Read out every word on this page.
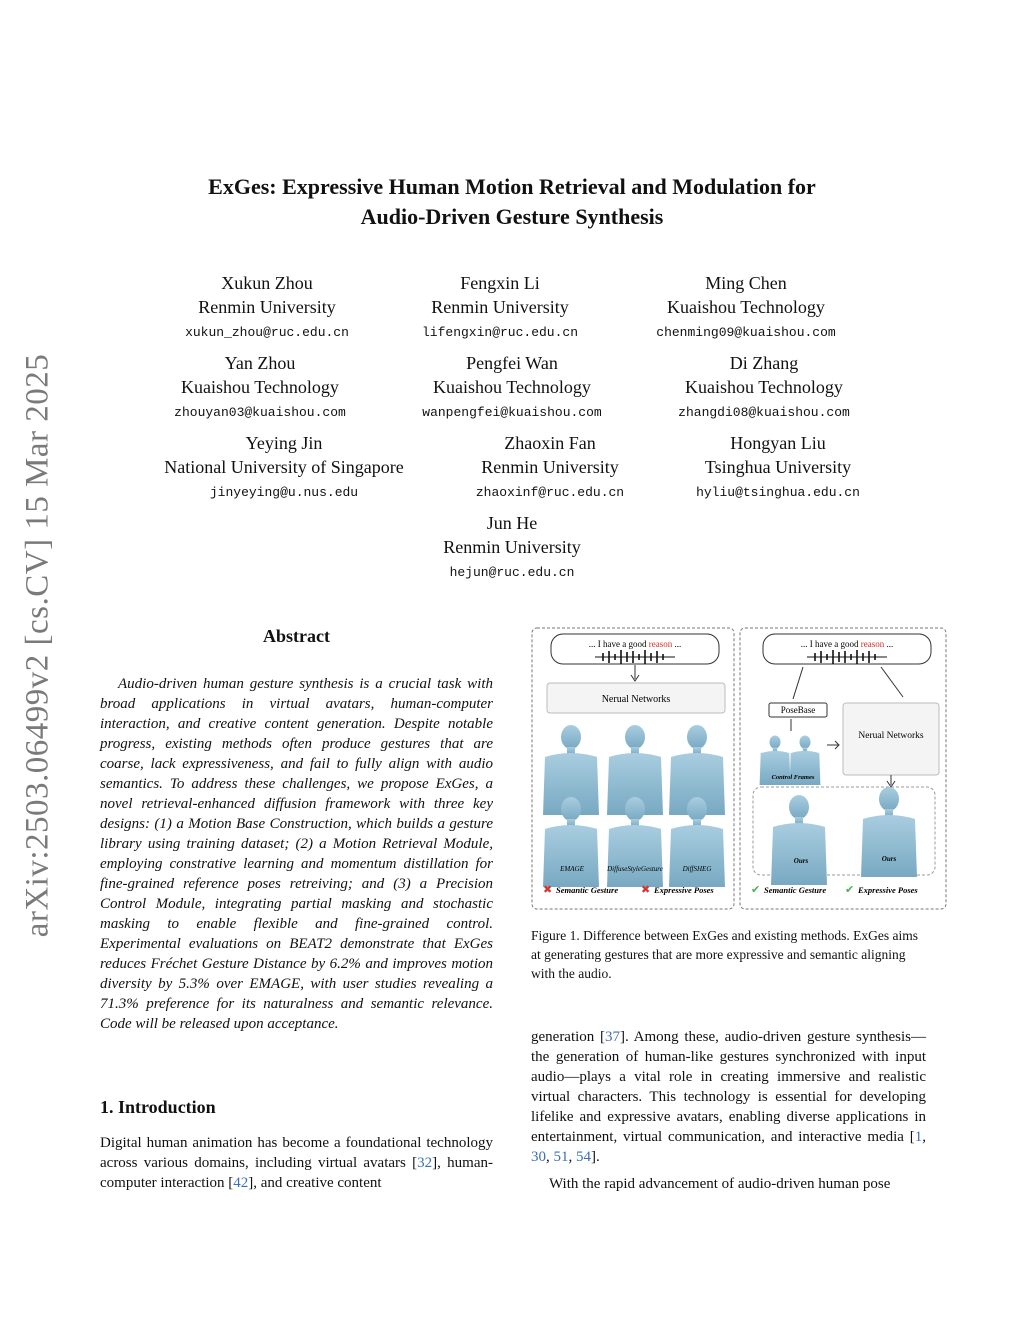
arXiv:2503.06499v2 [cs.CV] 15 Mar 2025
ExGes: Expressive Human Motion Retrieval and Modulation for
Audio-Driven Gesture Synthesis
Xukun Zhou
Renmin University
xukun_zhou@ruc.edu.cn
Fengxin Li
Renmin University
lifengxin@ruc.edu.cn
Ming Chen
Kuaishou Technology
chenming09@kuaishou.com
Yan Zhou
Kuaishou Technology
zhouyan03@kuaishou.com
Pengfei Wan
Kuaishou Technology
wanpengfei@kuaishou.com
Di Zhang
Kuaishou Technology
zhangdi08@kuaishou.com
Yeying Jin
National University of Singapore
jinyeying@u.nus.edu
Zhaoxin Fan
Renmin University
zhaoxinf@ruc.edu.cn
Hongyan Liu
Tsinghua University
hyliu@tsinghua.edu.cn
Jun He
Renmin University
hejun@ruc.edu.cn
Abstract
Audio-driven human gesture synthesis is a crucial task with broad applications in virtual avatars, human-computer interaction, and creative content generation. Despite notable progress, existing methods often produce gestures that are coarse, lack expressiveness, and fail to fully align with audio semantics. To address these challenges, we propose ExGes, a novel retrieval-enhanced diffusion framework with three key designs: (1) a Motion Base Construction, which builds a gesture library using training dataset; (2) a Motion Retrieval Module, employing constrative learning and momentum distillation for fine-grained reference poses retreiving; and (3) a Precision Control Module, integrating partial masking and stochastic masking to enable flexible and fine-grained control. Experimental evaluations on BEAT2 demonstrate that ExGes reduces Fréchet Gesture Distance by 6.2% and improves motion diversity by 5.3% over EMAGE, with user studies revealing a 71.3% preference for its naturalness and semantic relevance. Code will be released upon acceptance.
1. Introduction
Digital human animation has become a foundational technology across various domains, including virtual avatars [32], human-computer interaction [42], and creative content
generation [37]. Among these, audio-driven gesture synthesis—the generation of human-like gestures synchronized with input audio—plays a vital role in creating immersive and realistic virtual characters. This technology is essential for developing lifelike and expressive avatars, enabling diverse applications in entertainment, virtual communication, and interactive media [1, 30, 51, 54].
With the rapid advancement of audio-driven human pose
... I have a good reason ...
Nerual Networks
EMAGE	DiffuseStyleGesture	DiffSHEG
✖ Semantic Gesture ✖ Expressive Poses
... I have a good reason ...
PoseBase
Control Frames
Nerual Networks
Ours	Ours
✔ Semantic Gesture ✔ Expressive Poses
Figure 1. Difference between ExGes and existing methods. ExGes aims at generating gestures that are more expressive and semantic aligning with the audio.
